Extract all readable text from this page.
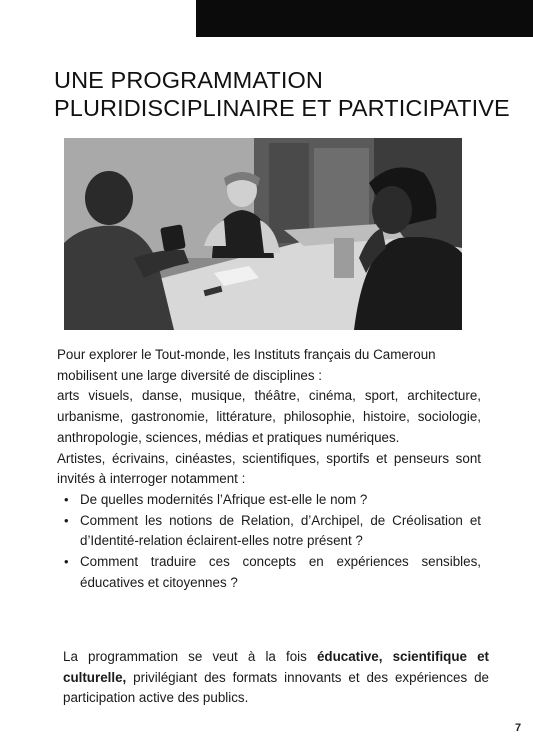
UNE PROGRAMMATION
PLURIDISCIPLINAIRE ET PARTICIPATIVE

Pour explorer le Tout-monde, les Instituts français du Cameroun mobilisent une large diversité de disciplines :

arts visuels, danse, musique, théâtre, cinéma, sport, architecture, urbanisme, gastronomie, littérature, philosophie, histoire, sociologie, anthropologie, sciences, médias et pratiques numériques.

Artistes, écrivains, cinéastes, scientifiques, sportifs et penseurs sont invités à interroger notamment :

• De quelles modernités l’Afrique est-elle le nom ?
• Comment les notions de Relation, d’Archipel, de Créolisation et d’Identité-relation éclairent-elles notre présent ?
• Comment traduire ces concepts en expériences sensibles, éducatives et citoyennes ?

La programmation se veut à la fois éducative, scientifique et culturelle, privilégiant des formats innovants et des expériences de participation active des publics.

7
